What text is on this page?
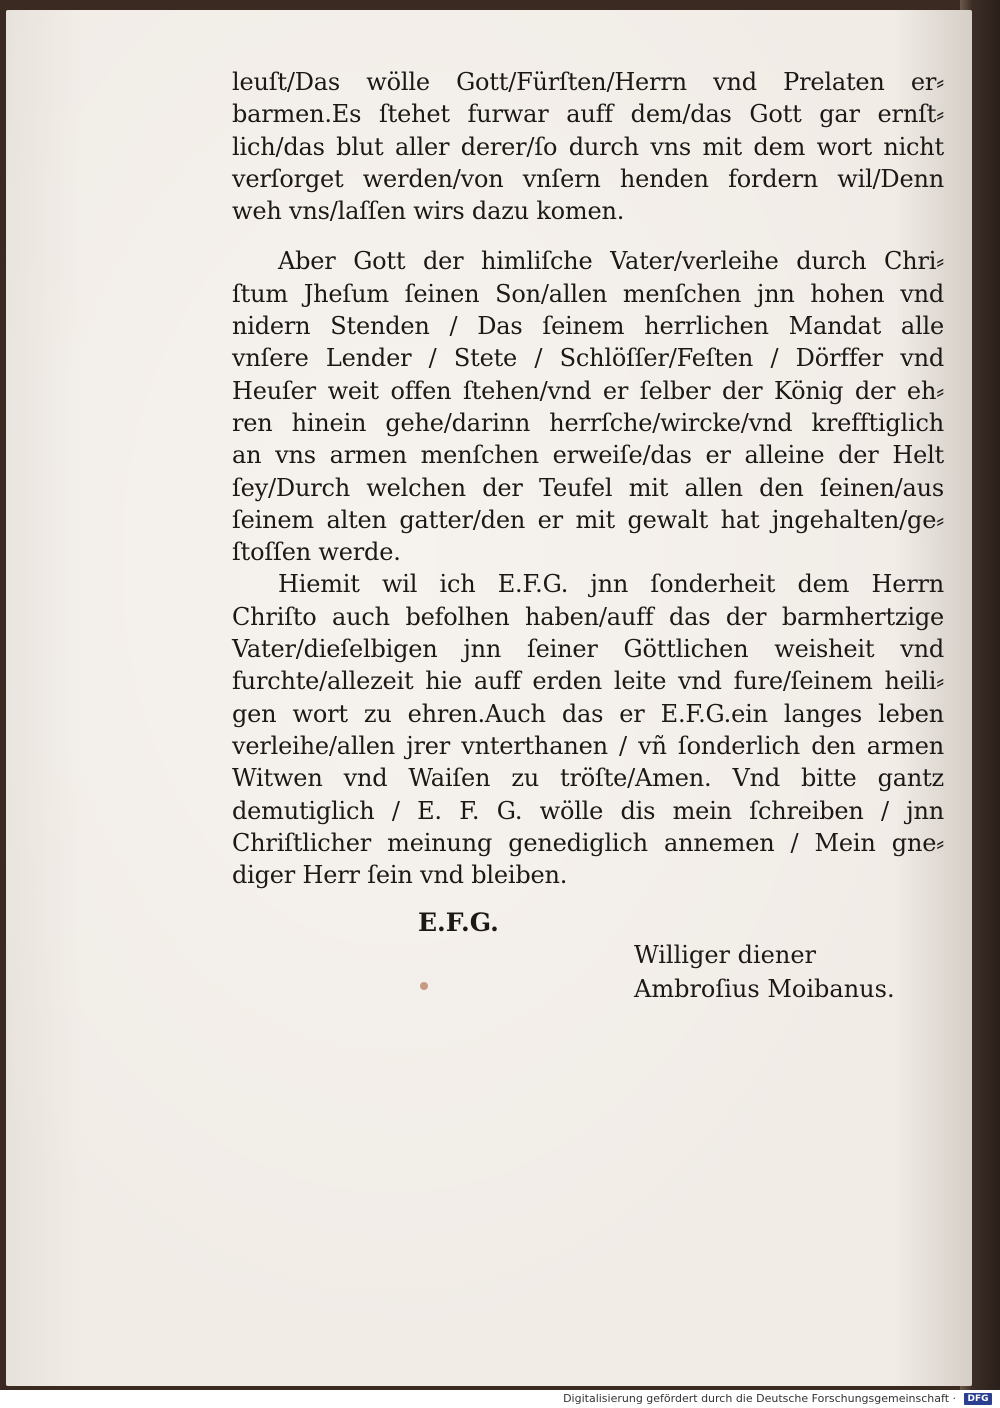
leuſt/Das wölle Gott/Fürſten/Herrn vnd Prelaten er⸗
barmen.Es ſtehet furwar auff dem/das Gott gar ernſt⸗
lich/das blut aller derer/ſo durch vns mit dem wort nicht
verſorget werden/von vnſern henden fordern wil/Denn
weh vns/laſſen wirs dazu komen.
Aber Gott der himliſche Vater/verleihe durch Chri⸗
ſtum Jheſum ſeinen Son/allen menſchen jnn hohen vnd
nidern Stenden / Das ſeinem herrlichen Mandat alle
vnſere Lender / Stete / Schlöſſer/Feſten / Dörffer vnd
Heuſer weit offen ſtehen/vnd er ſelber der König der eh⸗
ren hinein gehe/darinn herrſche/wircke/vnd krefftiglich
an vns armen menſchen erweiſe/das er alleine der Helt
ſey/Durch welchen der Teufel mit allen den ſeinen/aus
ſeinem alten gatter/den er mit gewalt hat jngehalten/ge⸗
ſtoſſen werde.
Hiemit wil ich E.F.G. jnn ſonderheit dem Herrn
Chriſto auch befolhen haben/auff das der barmhertzige
Vater/dieſelbigen jnn ſeiner Göttlichen weisheit vnd
furchte/allezeit hie auff erden leite vnd fure/ſeinem heili⸗
gen wort zu ehren.Auch das er E.F.G.ein langes leben
verleihe/allen jrer vnterthanen / vñ ſonderlich den armen
Witwen vnd Waiſen zu tröſte/Amen. Vnd bitte gantz
demutiglich / E. F. G. wölle dis mein ſchreiben / jnn
Chriſtlicher meinung genediglich annemen / Mein gne⸗
diger Herr ſein vnd bleiben.
E.F.G.
Williger diener
Ambroſius Moibanus.
Digitalisierung gefördert durch die Deutsche Forschungsgemeinschaft ·	DFG
